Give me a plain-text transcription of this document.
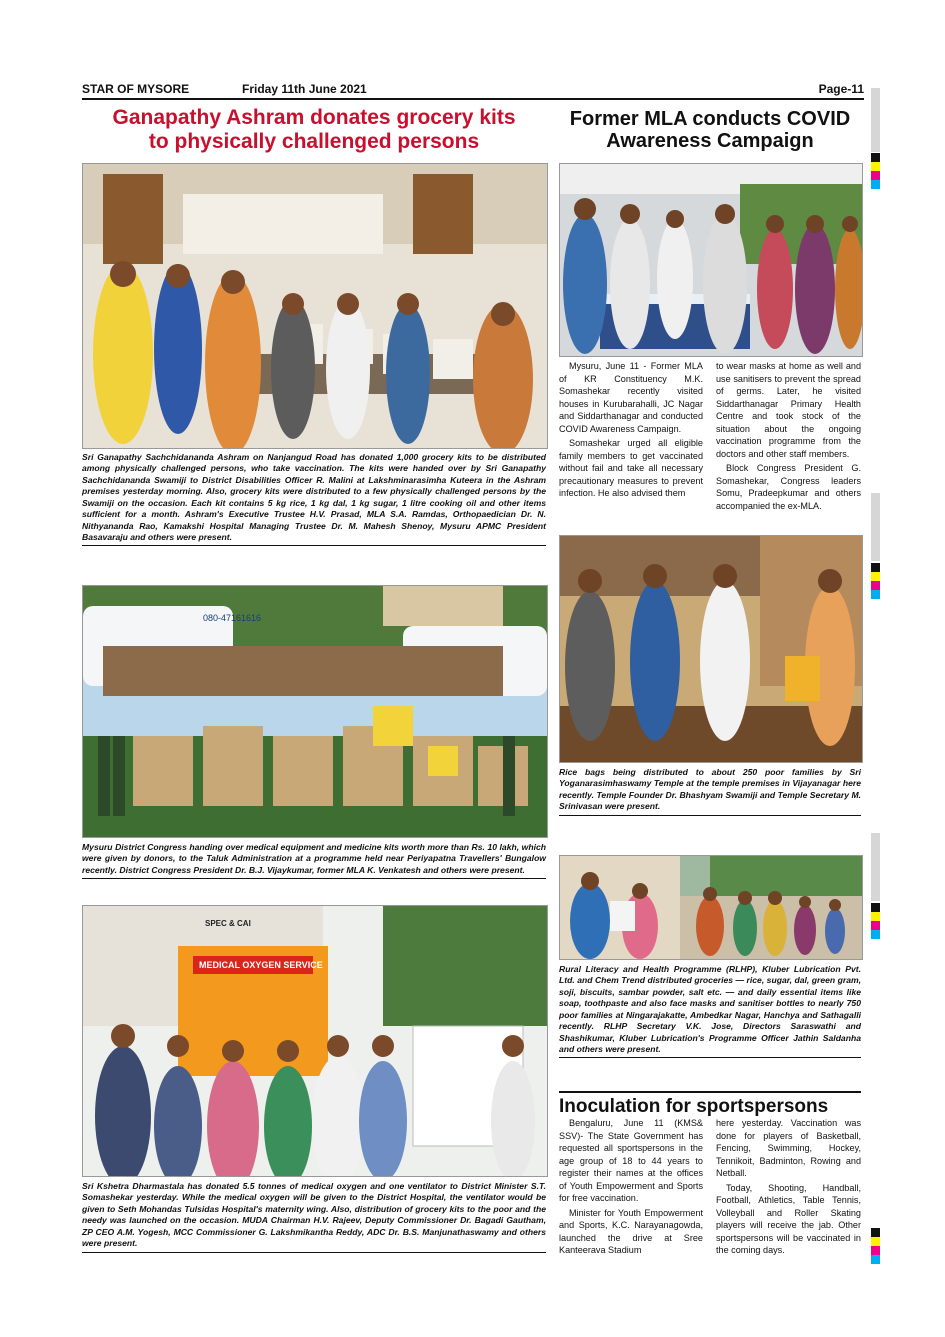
STAR OF MYSORE	Friday 11th June 2021	Page-11
Ganapathy Ashram donates grocery kits
to physically challenged persons
Sri Ganapathy Sachchidananda Ashram on Nanjangud Road has donated 1,000 grocery kits to be distributed among physically challenged persons, who take vaccination. The kits were handed over by Sri Ganapathy Sachchidananda Swamiji to District Disabilities Officer R. Malini at Lakshminarasimha Kuteera in the Ashram premises yesterday morning. Also, grocery kits were distributed to a few physically challenged persons by the Swamiji on the occasion. Each kit contains 5 kg rice, 1 kg dal, 1 kg sugar, 1 litre cooking oil and other items sufficient for a month. Ashram's Executive Trustee H.V. Prasad, MLA S.A. Ramdas, Orthopaedician Dr. N. Nithyananda Rao, Kamakshi Hospital Managing Trustee Dr. M. Mahesh Shenoy, Mysuru APMC President Basavaraju and others were present.
080-47161616
Mysuru District Congress handing over medical equipment and medicine kits worth more than Rs. 10 lakh, which were given by donors, to the Taluk Administration at a programme held near Periyapatna Travellers' Bungalow recently. District Congress President Dr. B.J. Vijaykumar, former MLA K. Venkatesh and others were present.
MEDICAL OXYGEN SERVICE
SPEC & CAI
Sri Kshetra Dharmastala has donated 5.5 tonnes of medical oxygen and one ventilator to District Minister S.T. Somashekar yesterday. While the medical oxygen will be given to the District Hospital, the ventilator would be given to Seth Mohandas Tulsidas Hospital's maternity wing. Also, distribution of grocery kits to the poor and the needy was launched on the occasion. MUDA Chairman H.V. Rajeev, Deputy Commissioner Dr. Bagadi Gautham, ZP CEO A.M. Yogesh, MCC Commissioner G. Lakshmikantha Reddy, ADC Dr. B.S. Manjunathaswamy and others were present.
Former MLA conducts COVID
Awareness Campaign

Mysuru, June 11 - Former MLA of KR Constituency M.K. Somashekar recently visited houses in Kurubarahalli, JC Nagar and Siddarthanagar and conducted COVID Awareness Campaign.

Somashekar urged all eligible family members to get vaccinated without fail and take all necessary precautionary measures to prevent infection. He also advised them

to wear masks at home as well and use sanitisers to prevent the spread of germs. Later, he visited Siddarthanagar Primary Health Centre and took stock of the situation about the ongoing vaccination programme from the doctors and other staff members.

Block Congress President G. Somashekar, Congress leaders Somu, Pradeepkumar and others accompanied the ex-MLA.

Rice bags being distributed to about 250 poor families by Sri Yoganarasimhaswamy Temple at the temple premises in Vijayanagar here recently. Temple Founder Dr. Bhashyam Swamiji and Temple Secretary M. Srinivasan were present.
Rural Literacy and Health Programme (RLHP), Kluber Lubrication Pvt. Ltd. and Chem Trend distributed groceries — rice, sugar, dal, green gram, soji, biscuits, sambar powder, salt etc. — and daily essential items like soap, toothpaste and also face masks and sanitiser bottles to nearly 750 poor families at Ningarajakatte, Ambedkar Nagar, Hanchya and Sathagalli recently. RLHP Secretary V.K. Jose, Directors Saraswathi and Shashikumar, Kluber Lubrication's Programme Officer Jathin Saldanha and others were present.
Inoculation for sportspersons

Bengaluru, June 11 (KMS& SSV)- The State Government has requested all sportspersons in the age group of 18 to 44 years to register their names at the offices of Youth Empowerment and Sports for free vaccination.

Minister for Youth Empowerment and Sports, K.C. Narayanagowda, launched the drive at Sree Kanteerava Stadium

here yesterday. Vaccination was done for players of Basketball, Fencing, Swimming, Hockey, Tennikoit, Badminton, Rowing and Netball.

Today, Shooting, Handball, Football, Athletics, Table Tennis, Volleyball and Roller Skating players will receive the jab. Other sportspersons will be vaccinated in the coming days.
